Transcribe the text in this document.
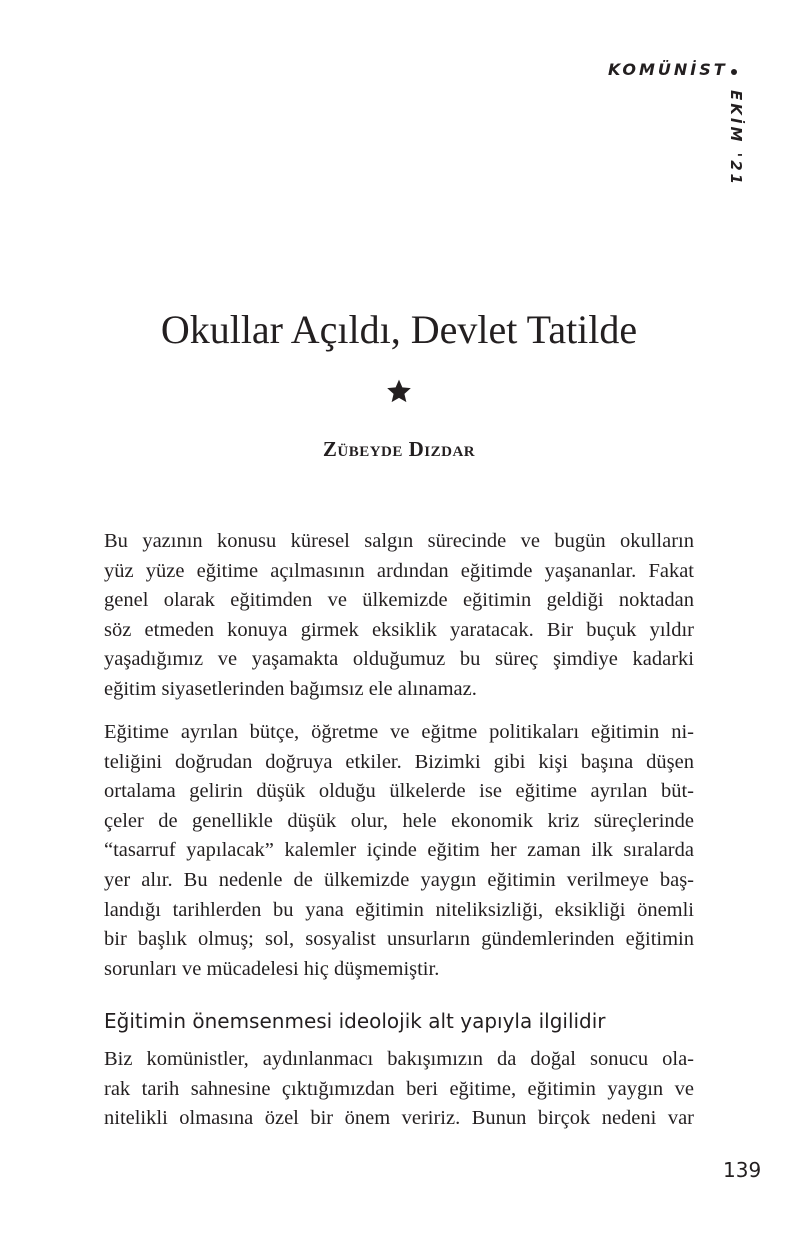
KOMÜNİST
EKİM '21
Okullar Açıldı, Devlet Tatilde
Zübeyde Dizdar
Bu yazının konusu küresel salgın sürecinde ve bugün okulların
yüz yüze eğitime açılmasının ardından eğitimde yaşananlar. Fakat
genel olarak eğitimden ve ülkemizde eğitimin geldiği noktadan
söz etmeden konuya girmek eksiklik yaratacak. Bir buçuk yıldır
yaşadığımız ve yaşamakta olduğumuz bu süreç şimdiye kadarki
eğitim siyasetlerinden bağımsız ele alınamaz.
Eğitime ayrılan bütçe, öğretme ve eğitme politikaları eğitimin ni-
teliğini doğrudan doğruya etkiler. Bizimki gibi kişi başına düşen
ortalama gelirin düşük olduğu ülkelerde ise eğitime ayrılan büt-
çeler de genellikle düşük olur, hele ekonomik kriz süreçlerinde
“tasarruf yapılacak” kalemler içinde eğitim her zaman ilk sıralarda
yer alır. Bu nedenle de ülkemizde yaygın eğitimin verilmeye baş-
landığı tarihlerden bu yana eğitimin niteliksizliği, eksikliği önemli
bir başlık olmuş; sol, sosyalist unsurların gündemlerinden eğitimin
sorunları ve mücadelesi hiç düşmemiştir.
Eğitimin önemsenmesi ideolojik alt yapıyla ilgilidir
Biz komünistler, aydınlanmacı bakışımızın da doğal sonucu ola-
rak tarih sahnesine çıktığımızdan beri eğitime, eğitimin yaygın ve
nitelikli olmasına özel bir önem veririz. Bunun birçok nedeni var
139
